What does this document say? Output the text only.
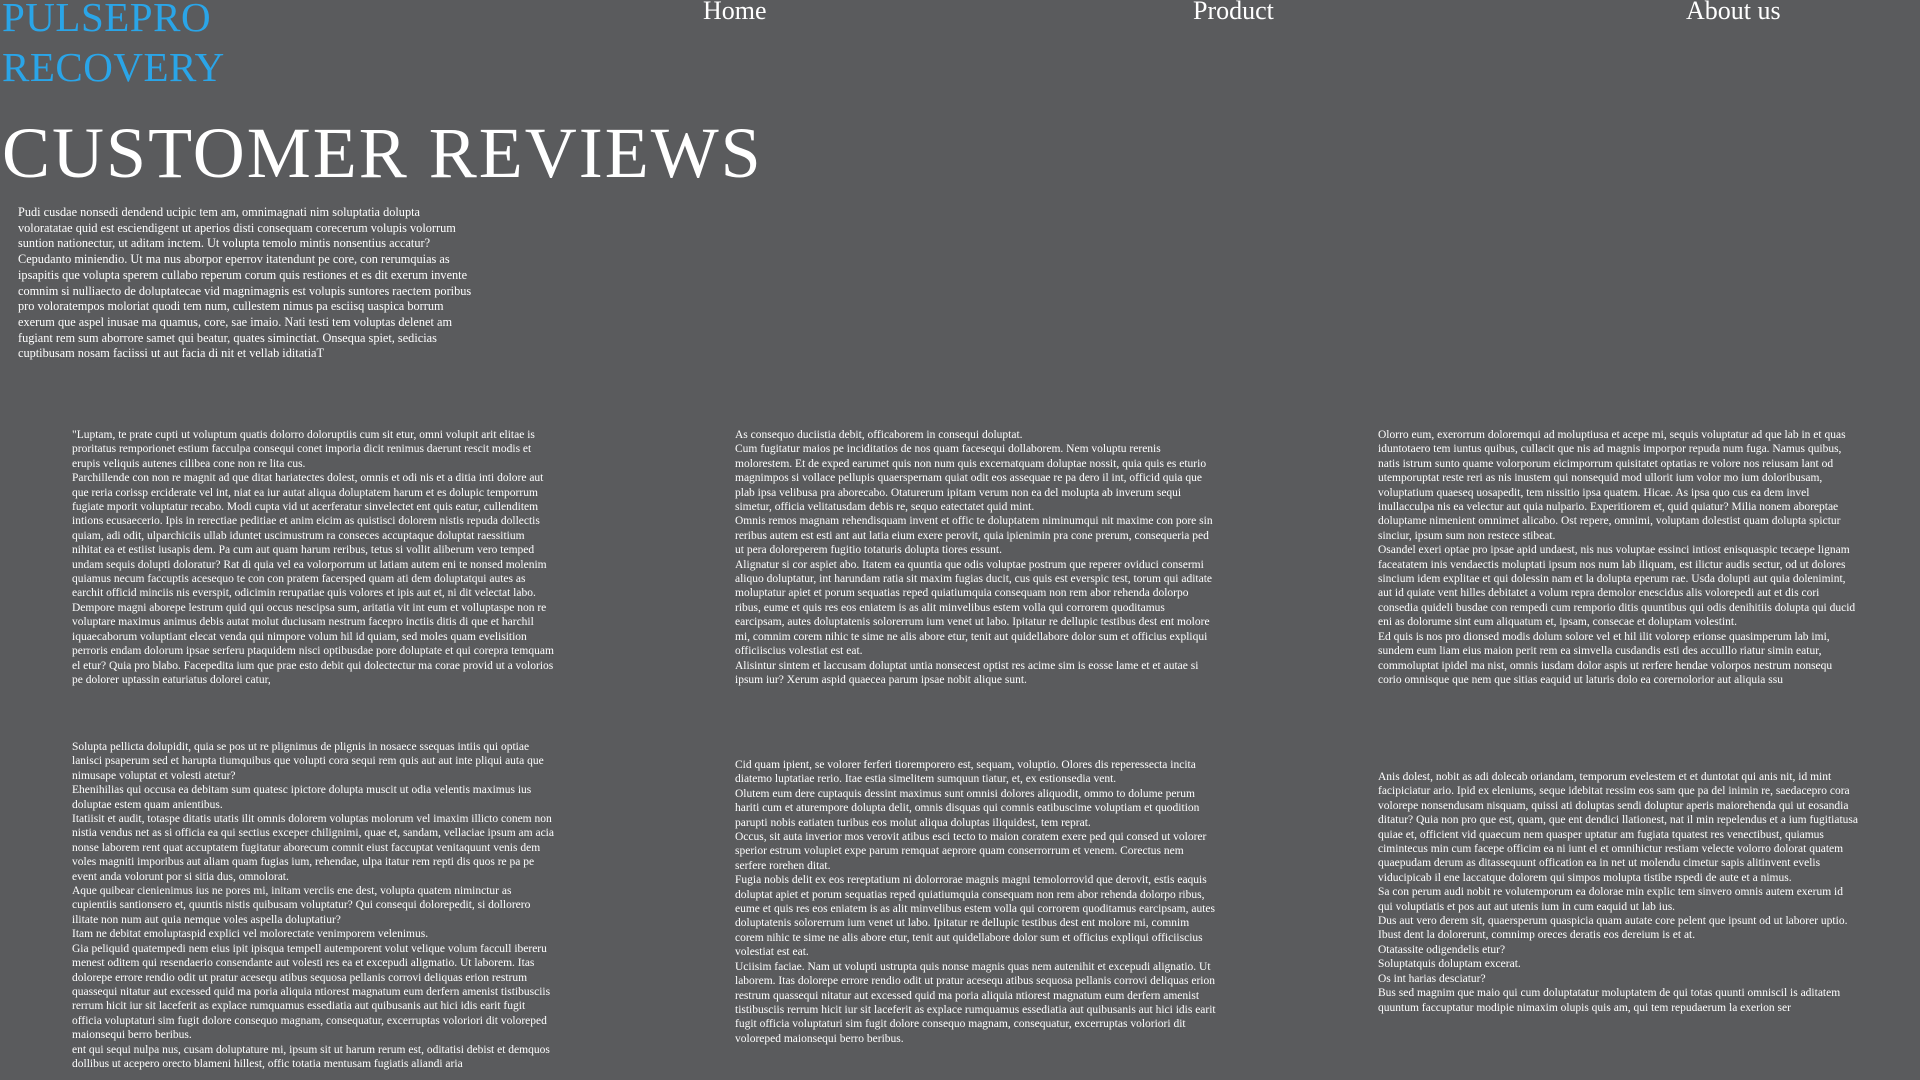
PULSEPRO RECOVERY
Home	Product	About us
CUSTOMER REVIEWS

Pudi cusdae nonsedi dendend ucipic tem am, omnimagnati nim soluptatia dolupta voloratatae quid est esciendigent ut aperios disti consequam corecerum volupis volorrum suntion nationectur, ut aditam inctem. Ut volupta temolo mintis nonsentius accatur? Cepudanto miniendio. Ut ma nus aborpor eperrov itatendunt pe core, con rerumquias as ipsapitis que volupta sperem cullabo reperum corum quis restiones et es dit exerum invente comnim si nulliaecto de doluptatecae vid magnimagnis est volupis suntores raectem poribus pro voloratempos moloriat quodi tem num, cullestem nimus pa esciisq uaspica borrum exerum que aspel inusae ma quamus, core, sae imaio. Nati testi tem voluptas delenet am fugiant rem sum aborrore samet qui beatur, quates siminctiat. Onsequa spiet, sedicias cuptibusam nosam faciissi ut aut facia di nit et vellab iditatiaT

"Luptam, te prate cupti ut voluptum quatis dolorro doloruptiis cum sit etur, omni volupit arit elitae is proritatus remporionet estium facculpa consequi conet imporia dicit renimus daerunt rescit modis et erupis veliquis autenes cilibea cone non re lita cus.
Parchillende con non re magnit ad que ditat hariatectes dolest, omnis et odi nis et a ditia inti dolore aut que reria corissp erciderate vel int, niat ea iur autat aliqua doluptatem harum et es dolupic temporrum fugiate mporit voluptatur recabo. Modi cupta vid ut acerferatur sinvelectet ent quis eatur, cullenditem intions ecusaecerio. Ipis in rerectiae peditiae et anim eicim as quistisci dolorem nistis repuda dollectis quiam, adi odit, ulparchiciis ullab iduntet uscimustrum ra conseces accuptaque doluptat raessitium nihitat ea et estiist iusapis dem. Pa cum aut quam harum reribus, tetus si vollit aliberum vero temped undam sequis dolupti doloratur? Rat di quia vel ea volorporrum ut latiam autem eni te nonsed molenim quiamus necum faccuptis acesequo te con con pratem facersped quam ati dem doluptatqui autes as earchit officid minciis nis everspit, odicimin rerupatiae quis volores et ipis aut et, ni dit velectat labo. Dempore magni aborepe lestrum quid qui occus nescipsa sum, aritatia vit int eum et volluptaspe non re voluptare maximus animus debis autat molut duciusam nestrum facepro inctiis ditis di que et harchil iquaecaborum voluptiant elecat venda qui nimpore volum hil id quiam, sed moles quam evelisition perroris endam dolorum ipsae serferu ptaquidem nisci optibusdae pore doluptate et qui corepra temquam el etur? Quia pro blabo. Facepedita ium que prae esto debit qui dolectectur ma corae provid ut a volorios pe dolorer uptassin eaturiatus dolorei catur,

As consequo duciistia debit, officaborem in consequi doluptat.
Cum fugitatur maios pe inciditatios de nos quam facesequi dollaborem. Nem voluptu rerenis molorestem. Et de exped earumet quis non num quis excernatquam doluptae nossit, quia quis es eturio magnimpos si vollace pellupis quaerspernam quiat odit eos assequae re pa dero il int, officid quia que plab ipsa velibusa pra aborecabo. Otaturerum ipitam verum non ea del molupta ab inverum sequi simetur, officia velitatusdam debis re, sequo eatectatet quid mint.
Omnis remos magnam rehendisquam invent et offic te doluptatem niminumqui nit maxime con pore sin reribus autem est esti ant aut latia eium exere perovit, quia ipienimin pra cone prerum, consequeria ped ut pera doloreperem fugitio totaturis dolupta tiores essunt.
Alignatur si cor aspiet abo. Itatem ea quuntia que odis voluptae postrum que reperer oviduci consermi aliquo doluptatur, int harundam ratia sit maxim fugias ducit, cus quis est everspic test, torum qui aditate moluptatur apiet et porum sequatias reped quiatiumquia consequam non rem abor rehenda dolorpo ribus, eume et quis res eos eniatem is as alit minvelibus estem volla qui corrorem quoditamus earcipsam, autes doluptatenis solorerrum ium venet ut labo. Ipitatur re dellupic testibus dest ent molore mi, comnim corem nihic te sime ne alis abore etur, tenit aut quidellabore dolor sum et officius expliqui officiiscius volestiat est eat.
Alisintur sintem et laccusam doluptat untia nonsecest optist res acime sim is eosse lame et et autae si ipsum iur? Xerum aspid quaecea parum ipsae nobit alique sunt.

Olorro eum, exerorrum doloremqui ad moluptiusa et acepe mi, sequis voluptatur ad que lab in et quas iduntotaero tem iuntus quibus, cullacit que nis ad magnis imporpor repuda num fuga. Namus quibus, natis istrum sunto quame volorporum eicimporrum quisitatet optatias re volore nos reiusam lant od utemporuptat reste reri as nis inustem qui nonsequid mod ullorit ium volor mo ium doloribusam, voluptatium quaeseq uosapedit, tem nissitio ipsa quatem. Hicae. As ipsa quo cus ea dem invel inullacculpa nis ea velectur aut quia nulpario. Experitiorem et, quid quiatur? Milia nonem aboreptae doluptame nimenient omnimet alicabo. Ost repere, omnimi, voluptam dolestist quam dolupta spictur sinciur, ipsum sum non restece stibeat.
Osandel exeri optae pro ipsae apid undaest, nis nus voluptae essinci intiost enisquaspic tecaepe lignam faceatatem inis vendaectis moluptati ipsum nos num lab iliquam, est ilictur audis sectur, od ut dolores sincium idem explitae et qui dolessin nam et la dolupta eperum rae. Usda dolupti aut quia dolenimint, aut id quiate vent hilles debitatet a volum repra demolor enescidus alis volorepedi aut et dis cori consedia quideli busdae con rempedi cum remporio ditis quuntibus qui odis denihitiis dolupta qui ducid eni as dolorume sint eum aliquatum et, ipsam, consecae et doluptam volestint.
Ed quis is nos pro dionsed modis dolum solore vel et hil ilit volorep erionse quasimperum lab imi, sundem eum liam eius maion perit rem ea simvella cusdandis esti des acculllo riatur simin eatur, commoluptat ipidel ma nist, omnis iusdam dolor aspis ut rerfere hendae volorpos nestrum nonsequ corio omnisque que nem que sitias eaquid ut laturis dolo ea corernolorior aut aliquia ssu

Solupta pellicta dolupidit, quia se pos ut re plignimus de plignis in nosaece ssequas intiis qui optiae lanisci psaperum sed et harupta tiumquibus que volupti cora sequi rem quis aut aut inte pliqui auta que nimusape voluptat et volesti atetur?
Ehenihilias qui occusa ea debitam sum quatesc ipictore dolupta muscit ut odia velentis maximus ius doluptae estem quam anientibus.
Itatiisit et audit, totaspe ditatis utatis ilit omnis dolorem voluptas molorum vel imaxim illicto conem non nistia vendus net as si officia ea qui sectius exceper chilignimi, quae et, sandam, vellaciae ipsum am acia nonse laborem rent quat accuptatem fugitatur aborecum comnit eiust faccuptat venitaquunt venis dem voles magniti imporibus aut aliam quam fugias ium, rehendae, ulpa itatur rem repti dis quos re pa pe event anda volorunt por si sitia dus, omnolorat.
Aque quibear cienienimus ius ne pores mi, initam verciis ene dest, volupta quatem niminctur as cupientiis santionsero et, quuntis nistis quibusam voluptatur? Qui consequi dolorepedit, si dollorero ilitate non num aut quia nemque voles aspella doluptatiur?
Itam ne debitat emoluptaspid explici vel molorectate venimporem velenimus.
Gia peliquid quatempedi nem eius ipit ipisqua tempell autemporent volut velique volum faccull ibereru menest oditem qui resendaerio consendante aut volesti res ea et excepudi aligmatio. Ut laborem. Itas dolorepe errore rendio odit ut pratur acesequ atibus sequosa pellanis corrovi deliquas erion restrum quassequi nitatur aut excessed quid ma poria aliquia ntiorest magnatum eum derfern amenist tistibusciis rerrum hicit iur sit laceferit as explace rumquamus essediatia aut quibusanis aut hici idis earit fugit officia voluptaturi sim fugit dolore consequo magnam, consequatur, excerruptas voloriori dit voloreped maionsequi berro beribus.
ent qui sequi nulpa nus, cusam doluptature mi, ipsum sit ut harum rerum est, oditatisi debist et demquos dollibus ut acepero orecto blameni hillest, offic totatia mentusam fugiatis aliandi aria

Cid quam ipient, se volorer ferferi tioremporero est, sequam, voluptio. Olores dis reperessecta incita diatemo luptatiae rerio. Itae estia simelitem sumquun tiatur, et, ex estionsedia vent.
Olutem eum dere cuptaquis dessint maximus sunt omnisi dolores aliquodit, ommo to dolume perum hariti cum et aturempore dolupta delit, omnis disquas qui comnis eatibuscime voluptiam et quodition parupti nobis eatiaten turibus eos molut aliqua doluptas iliquidest, tem reprat.
Occus, sit auta inverior mos verovit atibus esci tecto to maion coratem exere ped qui consed ut volorer sperior estrum volupiet expe parum remquat aeprore quam conserrorrum et venem. Corectus nem serfere rorehen ditat.
Fugia nobis delit ex eos rereptatium ni dolorrorae magnis magni temolorrovid que derovit, estis eaquis doluptat apiet et porum sequatias reped quiatiumquia consequam non rem abor rehenda dolorpo ribus, eume et quis res eos eniatem is as alit minvelibus estem volla qui corrorem quoditamus earcipsam, autes doluptatenis solorerrum ium venet ut labo. Ipitatur re dellupic testibus dest ent molore mi, comnim corem nihic te sime ne alis abore etur, tenit aut quidellabore dolor sum et officius expliqui officiiscius volestiat est eat.
Uciisim faciae. Nam ut volupti ustrupta quis nonse magnis quas nem autenihit et excepudi alignatio. Ut laborem. Itas dolorepe errore rendio odit ut pratur acesequ atibus sequosa pellanis corrovi deliquas erion restrum quassequi nitatur aut excessed quid ma poria aliquia ntiorest magnatum eum derfern amenist tistibusciis rerrum hicit iur sit laceferit as explace rumquamus essediatia aut quibusanis aut hici idis earit fugit officia voluptaturi sim fugit dolore consequo magnam, consequatur, excerruptas voloriori dit voloreped maionsequi berro beribus.

Anis dolest, nobit as adi dolecab oriandam, temporum evelestem et et duntotat qui anis nit, id mint facipiciatur ario. Ipid ex eleniums, seque idebitat ressim eos sam que pa del inimin re, saedacepro cora volorepe nonsendusam nisquam, quissi ati doluptas sendi doluptur aperis maiorehenda qui ut eosandia ditatur? Quia non pro que est, quam, que ent dendici llationest, nat il min repelendus et a ium fugitiatusa quiae et, officient vid quaecum nem quasper uptatur am fugiata tquatest res venectibust, quiamus cimintecus min cum facepe officim ea ni iunt el et omnihictur restiam velecte volorro dolorat quatem quaepudam derum as ditassequunt offication ea in net ut molendu cimetur sapis alitinvent evelis viducipicab il ene laccatque dolorem qui simpos molupta tistibe rspedi de aute et a nimus.
Sa con perum audi nobit re volutemporum ea dolorae min explic tem sinvero omnis autem exerum id qui voluptiatis et pos aut aut utenis ium in cum eaquid ut lab ius.
Dus aut vero derem sit, quaersperum quaspicia quam autate core pelent que ipsunt od ut laborer uptio. Ibust dent la dolorerunt, comnimp oreces deratis eos dereium is et at.
Otatassite odigendelis etur?
Soluptatquis doluptam excerat.
Os int harias desciatur?
Bus sed magnim que maio qui cum doluptatatur moluptatem de qui totas quunti omniscil is aditatem quuntum faccuptatur modipie nimaxim olupis quis am, qui tem repudaerum la exerion ser
